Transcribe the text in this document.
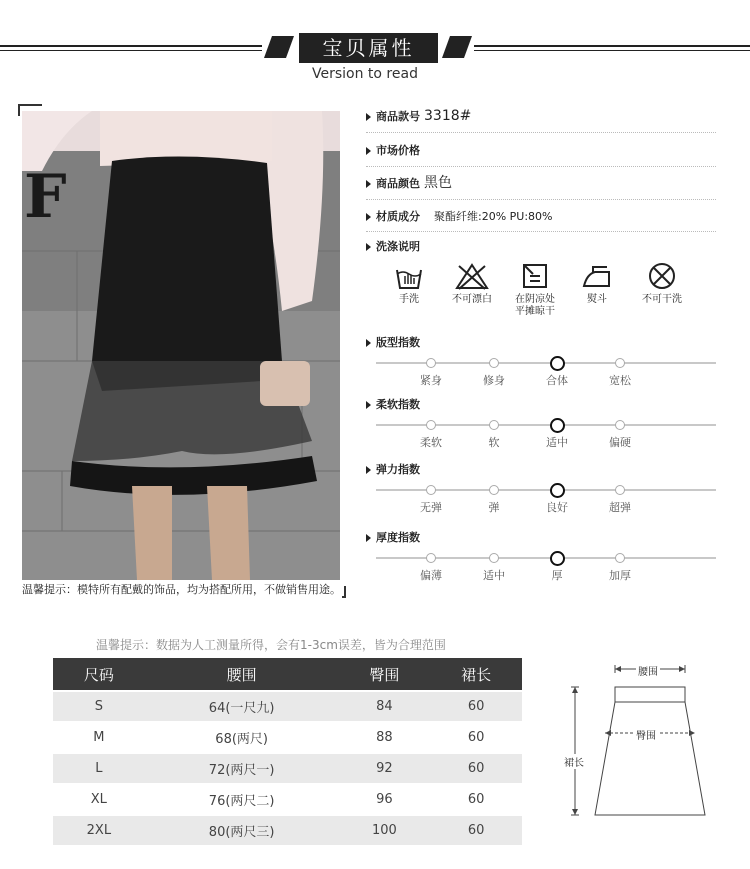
宝贝属性
Version to read
F
温馨提示：模特所有配戴的饰品，均为搭配所用，不做销售用途。
商品款号 3318#
市场价格
商品颜色 黑色
材质成分 聚酯纤维:20% PU:80%
洗涤说明
手洗	不可漂白	在阴凉处
平摊晾干
熨斗	不可干洗
版型指数
紧身	修身	合体	宽松
柔软指数
柔软	软	适中	偏硬
弹力指数
无弹	弹	良好	超弹
厚度指数
偏薄	适中	厚	加厚
温馨提示：数据为人工测量所得，会有1-3cm误差，皆为合理范围
尺码	腰围	臀围	裙长
S	64(一尺九)	84	60
M	68(两尺)	88	60
L	72(两尺一)	92	60
XL	76(两尺二)	96	60
2XL	80(两尺三)	100	60
腰围
臀围
裙长
